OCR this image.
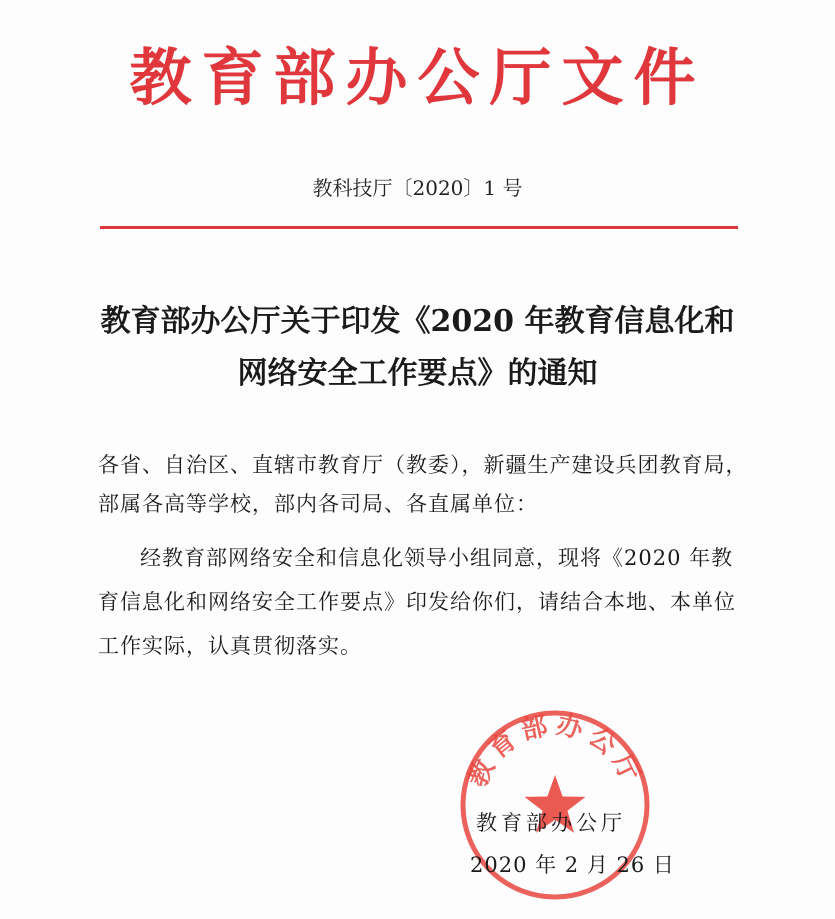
教育部办公厅文件
教科技厅〔2020〕1 号
教育部办公厅关于印发《2020 年教育信息化和
网络安全工作要点》的通知
各省、自治区、直辖市教育厅（教委），新疆生产建设兵团教育局，
部属各高等学校，部内各司局、各直属单位：
经教育部网络安全和信息化领导小组同意，现将《2020 年教
育信息化和网络安全工作要点》印发给你们，请结合本地、本单位
工作实际，认真贯彻落实。
教育部办公厅
教育部办公厅
2020 年 2 月 26 日
